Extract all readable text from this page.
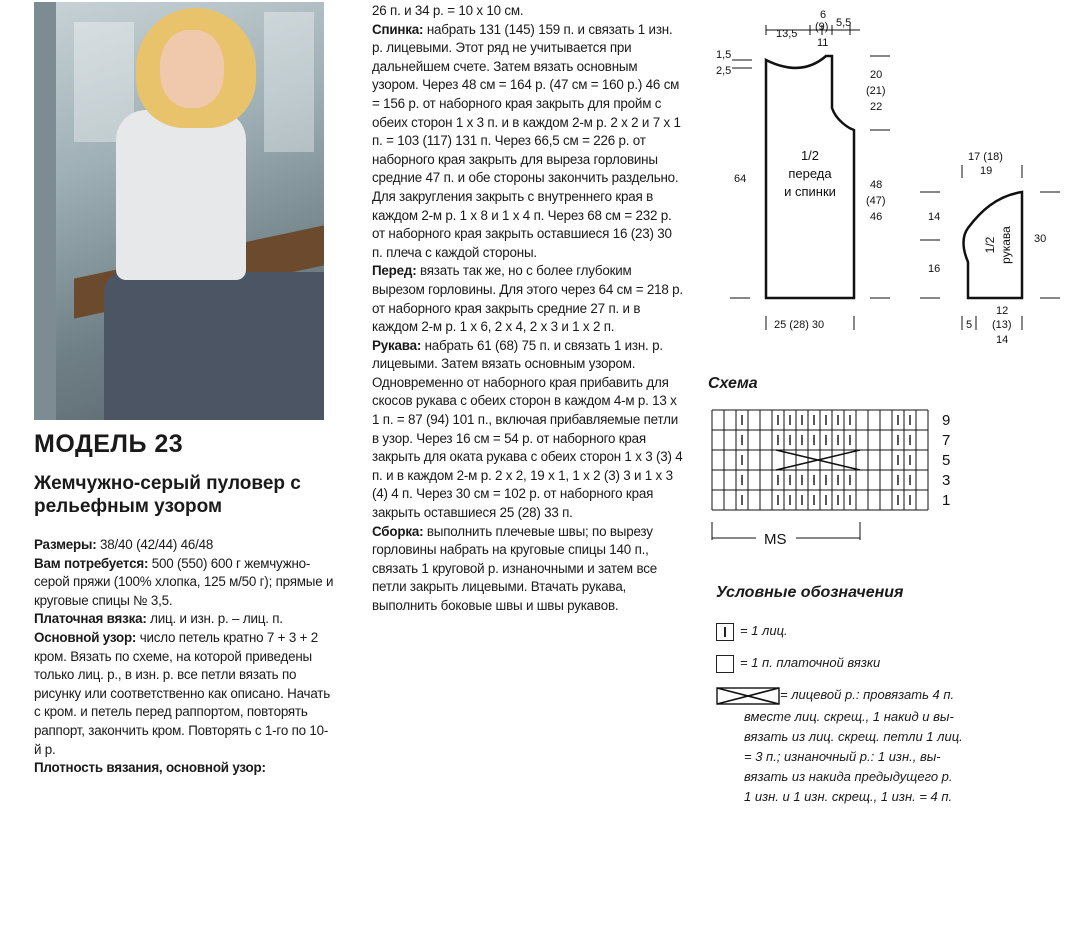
МОДЕЛЬ 23
Жемчужно-серый пуловер с рельефным узором

Размеры: 38/40 (42/44) 46/48

Вам потребуется: 500 (550) 600 г жемчужно-серой пряжи (100% хлопка, 125 м/50 г); прямые и круговые спицы № 3,5.

Платочная вязка: лиц. и изн. р. – лиц. п.

Основной узор: число петель кратно 7 + 3 + 2 кром. Вязать по схеме, на которой приведены только лиц. р., в изн. р. все петли вязать по рисунку или соответственно как описано. Начать с кром. и петель перед раппортом, повторять раппорт, закончить кром. Повторять с 1-го по 10-й р.

Плотность вязания, основной узор:

26 п. и 34 р. = 10 х 10 см.

Спинка: набрать 131 (145) 159 п. и связать 1 изн. р. лицевыми. Этот ряд не учитывается при дальнейшем счете. Затем вязать основным узором. Через 48 см = 164 р. (47 см = 160 р.) 46 см = 156 р. от наборного края закрыть для пройм с обеих сторон 1 х 3 п. и в каждом 2-м р. 2 х 2 и 7 х 1 п. = 103 (117) 131 п. Через 66,5 см = 226 р. от наборного края закрыть для выреза горловины средние 47 п. и обе стороны закончить раздельно. Для закругления закрыть с внутреннего края в каждом 2-м р. 1 х 8 и 1 х 4 п. Через 68 см = 232 р. от наборного края закрыть оставшиеся 16 (23) 30 п. плеча с каждой стороны.

Перед: вязать так же, но с более глубоким вырезом горловины. Для этого через 64 см = 218 р. от наборного края закрыть средние 27 п. и в каждом 2-м р. 1 х 6, 2 х 4, 2 х 3 и 1 х 2 п.

Рукава: набрать 61 (68) 75 п. и связать 1 изн. р. лицевыми. Затем вязать основным узором. Одновременно от наборного края прибавить для скосов рукава с обеих сторон в каждом 4-м р. 13 х 1 п. = 87 (94) 101 п., включая прибавляемые петли в узор. Через 16 см = 54 р. от наборного края закрыть для оката рукава с обеих сторон 1 х 3 (3) 4 п. и в каждом 2-м р. 2 х 2, 19 х 1, 1 х 2 (3) 3 и 1 х 3 (4) 4 п. Через 30 см = 102 р. от наборного края закрыть оставшиеся 25 (28) 33 п.

Сборка: выполнить плечевые швы; по вырезу горловины набрать на круговые спицы 140 п., связать 1 круговой р. изнаночными и затем все петли закрыть лицевыми. Втачать рукава, выполнить боковые швы и швы рукавов.

13,5
6
(9)
11
5,5
1,5
2,5	20
(21)
22
64	48
(47)
46
25 (28) 30
17 (18)
19
14
16
30
5
12
(13)
14
1/2
переда
и спинки
1/2 рукава
Схема
MS
9
7
5
3
1
Условные обозначения
= 1 лиц.
= 1 п. платочной вязки
= лицевой р.: провязать 4 п.
вместе лиц. скрещ., 1 накид и вы-
вязать из лиц. скрещ. петли 1 лиц.
= 3 п.; изнаночный р.: 1 изн., вы-
вязать из накида предыдущего р.
1 изн. и 1 изн. скрещ., 1 изн. = 4 п.
